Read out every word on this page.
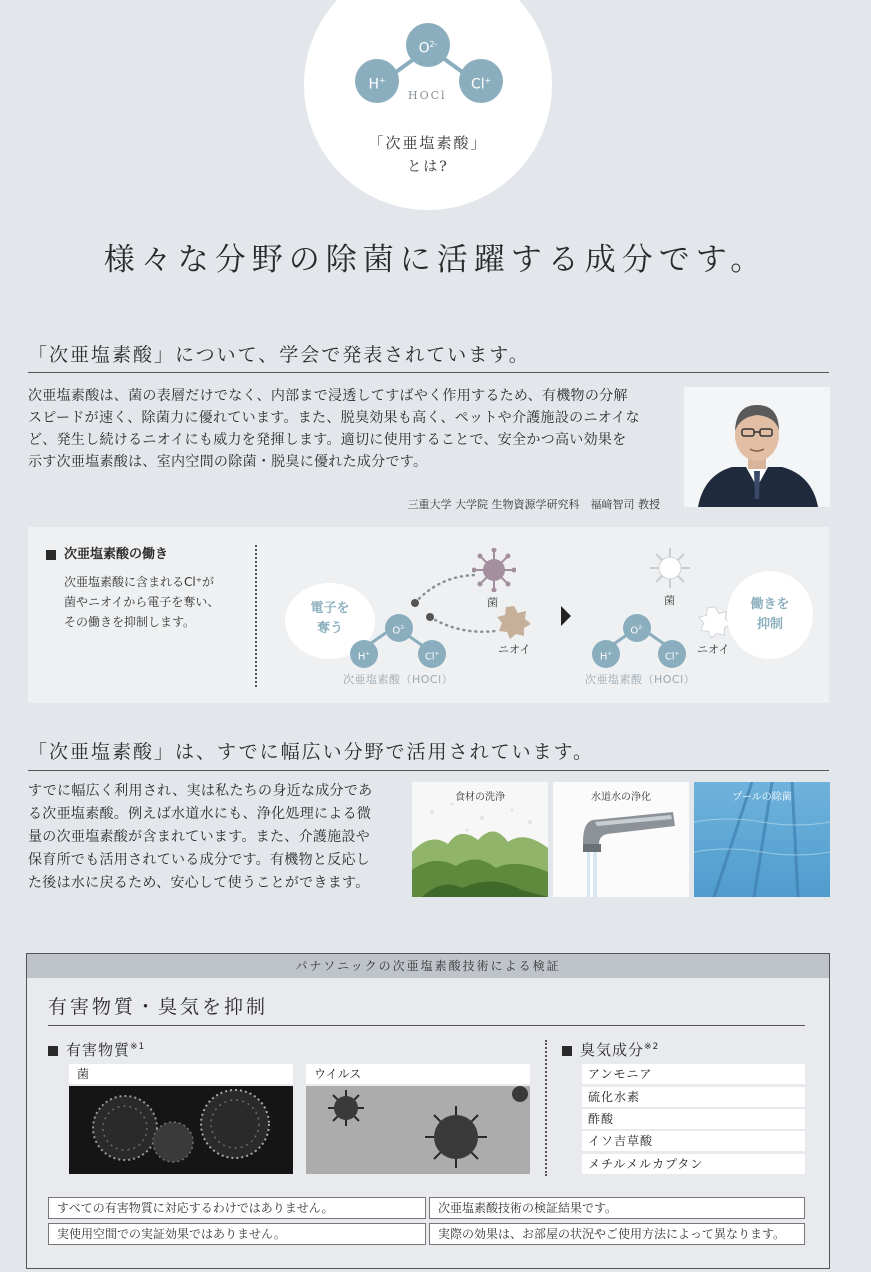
$O^{2-}$
H+	Cl+
HOCl
「次亜塩素酸」
とは?
様々な分野の除菌に活躍する成分です。
「次亜塩素酸」について、学会で発表されています。
次亜塩素酸は、菌の表層だけでなく、内部まで浸透してすばやく作用するため、有機物の分解
スピードが速く、除菌力に優れています。また、脱臭効果も高く、ペットや介護施設のニオイな
ど、発生し続けるニオイにも威力を発揮します。適切に使用することで、安全かつ高い効果を
示す次亜塩素酸は、室内空間の除菌・脱臭に優れた成分です。
三重大学 大学院 生物資源学研究科　福﨑智司 教授
次亜塩素酸の働き
次亜塩素酸に含まれるCl⁺が
菌やニオイから電子を奪い、
その働きを抑制します。
電子を
奪う	$O^{2-}$
H+	Cl+
菌
ニオイ
次亜塩素酸（HOCl）
$O^{2-}$
H+	Cl+
菌
ニオイ
働きを
抑制
次亜塩素酸（HOCl）
「次亜塩素酸」は、すでに幅広い分野で活用されています。
すでに幅広く利用され、実は私たちの身近な成分であ
る次亜塩素酸。例えば水道水にも、浄化処理による微
量の次亜塩素酸が含まれています。また、介護施設や
保育所でも活用されている成分です。有機物と反応し
た後は水に戻るため、安心して使うことができます。
食材の洗浄	水道水の浄化	プールの除菌
パナソニックの次亜塩素酸技術による検証
有害物質・臭気を抑制
有害物質$^{※1}$
菌	ウイルス
臭気成分$^{※2}$
アンモニア
硫化水素
酢酸
イソ吉草酸
メチルメルカプタン
すべての有害物質に対応するわけではありません。	次亜塩素酸技術の検証結果です。
実使用空間での実証効果ではありません。	実際の効果は、お部屋の状況やご使用方法によって異なります。
